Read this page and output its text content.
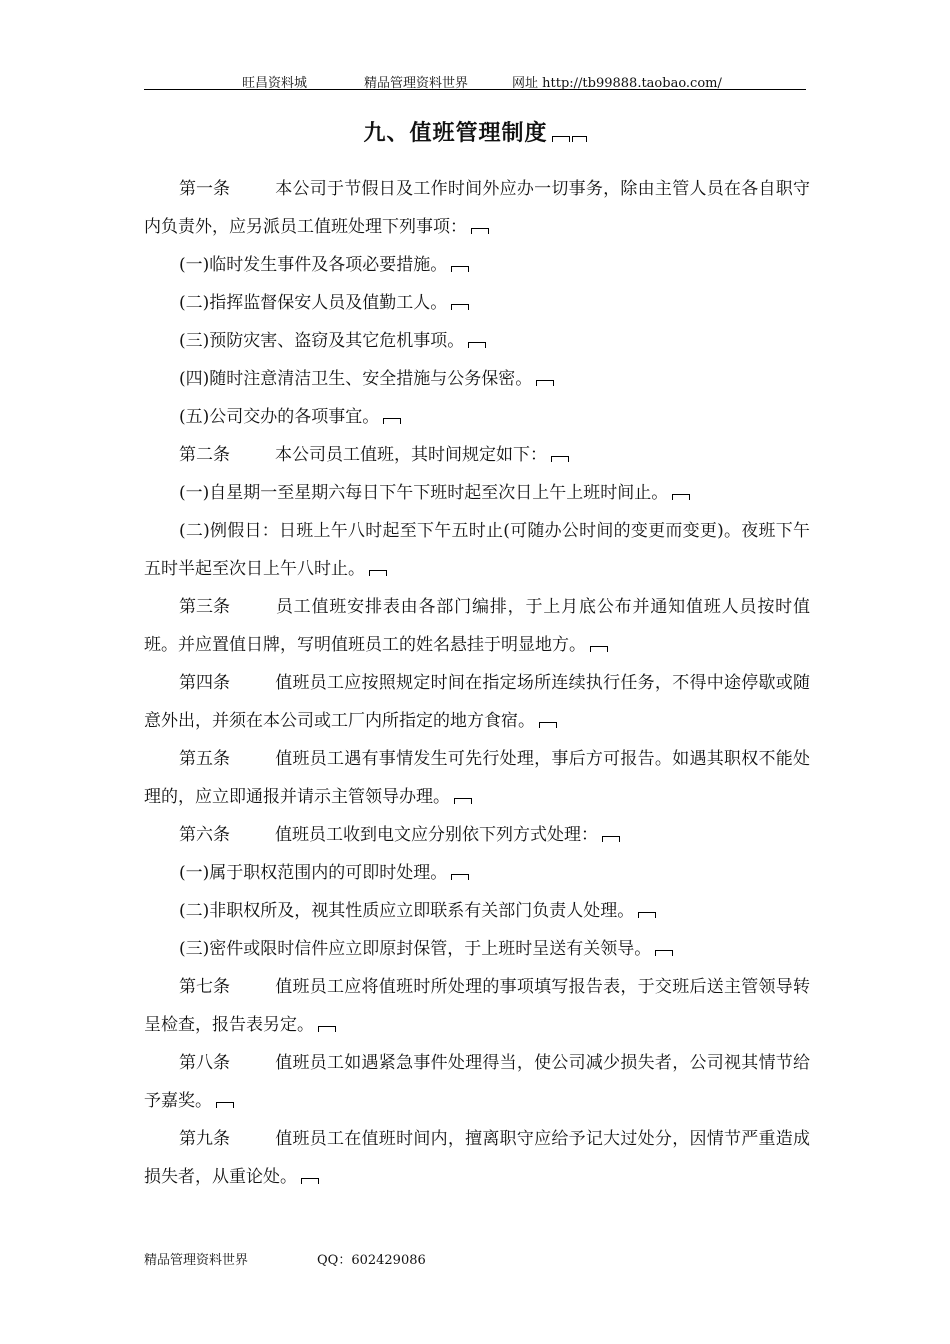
旺昌资料城	精品管理资料世界	网址 http://tb99888.taobao.com/
九、值班管理制度
第一条	本公司于节假日及工作时间外应办一切事务，除由主管人员在各自职守内负责外，应另派员工值班处理下列事项：
(一)临时发生事件及各项必要措施。
(二)指挥监督保安人员及值勤工人。
(三)预防灾害、盗窃及其它危机事项。
(四)随时注意清洁卫生、安全措施与公务保密。
(五)公司交办的各项事宜。
第二条	本公司员工值班，其时间规定如下：
(一)自星期一至星期六每日下午下班时起至次日上午上班时间止。
(二)例假日：日班上午八时起至下午五时止(可随办公时间的变更而变更)。夜班下午五时半起至次日上午八时止。
第三条	员工值班安排表由各部门编排，于上月底公布并通知值班人员按时值班。并应置值日牌，写明值班员工的姓名悬挂于明显地方。
第四条	值班员工应按照规定时间在指定场所连续执行任务，不得中途停歇或随意外出，并须在本公司或工厂内所指定的地方食宿。
第五条	值班员工遇有事情发生可先行处理，事后方可报告。如遇其职权不能处理的，应立即通报并请示主管领导办理。
第六条	值班员工收到电文应分别依下列方式处理：
(一)属于职权范围内的可即时处理。
(二)非职权所及，视其性质应立即联系有关部门负责人处理。
(三)密件或限时信件应立即原封保管，于上班时呈送有关领导。
第七条	值班员工应将值班时所处理的事项填写报告表，于交班后送主管领导转呈检查，报告表另定。
第八条	值班员工如遇紧急事件处理得当，使公司减少损失者，公司视其情节给予嘉奖。
第九条	值班员工在值班时间内，擅离职守应给予记大过处分，因情节严重造成损失者，从重论处。
精品管理资料世界	QQ：602429086
